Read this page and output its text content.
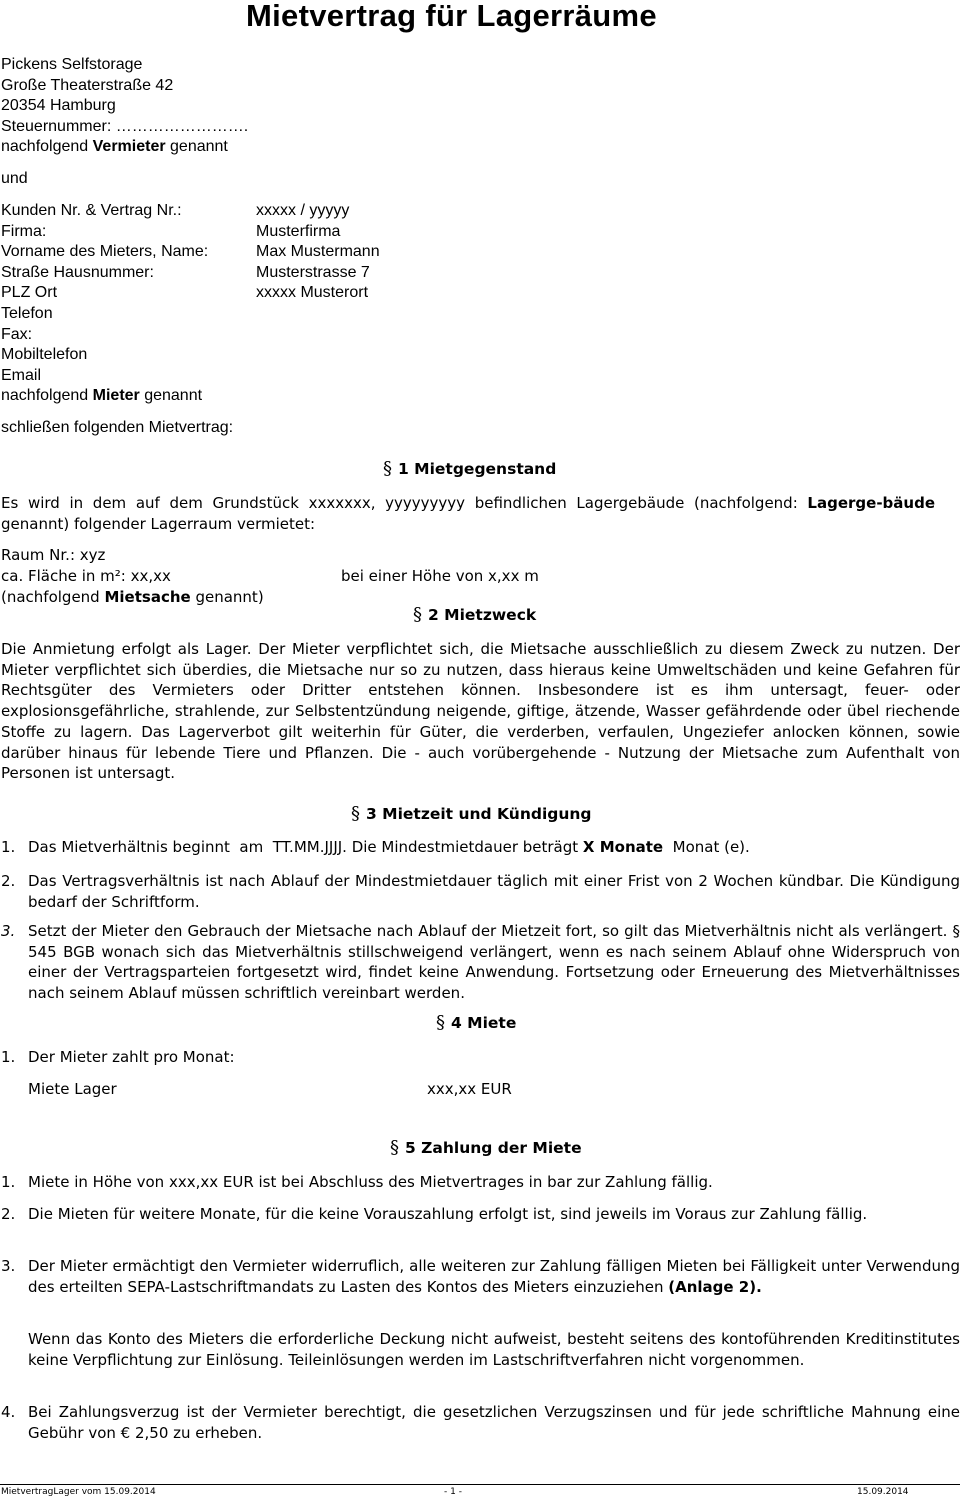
Mietvertrag für Lagerräume
Pickens Selfstorage
Große Theaterstraße 42
20354 Hamburg
Steuernummer: …………………….
nachfolgend Vermieter genannt
und
Kunden Nr. & Vertrag Nr.:	xxxxx / yyyyy
Firma:	Musterfirma
Vorname des Mieters, Name:	Max Mustermann
Straße Hausnummer:	Musterstrasse 7
PLZ Ort	xxxxx Musterort
Telefon
Fax:
Mobiltelefon
Email
nachfolgend Mieter genannt
schließen folgenden Mietvertrag:
§ 1 Mietgegenstand
Es wird in dem auf dem Grundstück xxxxxxx, yyyyyyyyy befindlichen Lagergebäude (nachfolgend: Lagerge-bäude genannt) folgender Lagerraum vermietet:
Raum Nr.: xyz
ca. Fläche in m²: xx,xx	bei einer Höhe von x,xx m
(nachfolgend Mietsache genannt)
§ 2 Mietzweck
Die Anmietung erfolgt als Lager. Der Mieter verpflichtet sich, die Mietsache ausschließlich zu diesem Zweck zu nutzen. Der Mieter verpflichtet sich überdies, die Mietsache nur so zu nutzen, dass hieraus keine Umweltschäden und keine Gefahren für Rechtsgüter des Vermieters oder Dritter entstehen können. Insbesondere ist es ihm untersagt, feuer- oder explosionsgefährliche, strahlende, zur Selbstentzündung neigende, giftige, ätzende, Wasser gefährdende oder übel riechende Stoffe zu lagern. Das Lagerverbot gilt weiterhin für Güter, die verderben, verfaulen, Ungeziefer anlocken können, sowie darüber hinaus für lebende Tiere und Pflanzen. Die - auch vorübergehende - Nutzung der Mietsache zum Aufenthalt von Personen ist untersagt.
§ 3 Mietzeit und Kündigung
1. Das Mietverhältnis beginnt  am  TT.MM.JJJJ. Die Mindestmietdauer beträgt X Monate  Monat (e).
2. Das Vertragsverhältnis ist nach Ablauf der Mindestmietdauer täglich mit einer Frist von 2 Wochen kündbar. Die Kündigung bedarf der Schriftform.
3. Setzt der Mieter den Gebrauch der Mietsache nach Ablauf der Mietzeit fort, so gilt das Mietverhältnis nicht als verlängert. § 545 BGB wonach sich das Mietverhältnis stillschweigend verlängert, wenn es nach seinem Ablauf ohne Widerspruch von einer der Vertragsparteien fortgesetzt wird, findet keine Anwendung. Fortsetzung oder Erneuerung des Mietverhältnisses nach seinem Ablauf müssen schriftlich vereinbart werden.
§ 4 Miete
1. Der Mieter zahlt pro Monat:
Miete Lager	xxx,xx EUR
§ 5 Zahlung der Miete
1. Miete in Höhe von xxx,xx EUR ist bei Abschluss des Mietvertrages in bar zur Zahlung fällig.
2. Die Mieten für weitere Monate, für die keine Vorauszahlung erfolgt ist, sind jeweils im Voraus zur Zahlung fällig.
3. Der Mieter ermächtigt den Vermieter widerruflich, alle weiteren zur Zahlung fälligen Mieten bei Fälligkeit unter Verwendung des erteilten SEPA-Lastschriftmandats zu Lasten des Kontos des Mieters einzuziehen (Anlage 2).
Wenn das Konto des Mieters die erforderliche Deckung nicht aufweist, besteht seitens des kontoführenden Kreditinstitutes keine Verpflichtung zur Einlösung. Teileinlösungen werden im Lastschriftverfahren nicht vorgenommen.
4. Bei Zahlungsverzug ist der Vermieter berechtigt, die gesetzlichen Verzugszinsen und für jede schriftliche Mahnung eine Gebühr von € 2,50 zu erheben.
MietvertragLager vom 15.09.2014	- 1 -	15.09.2014
